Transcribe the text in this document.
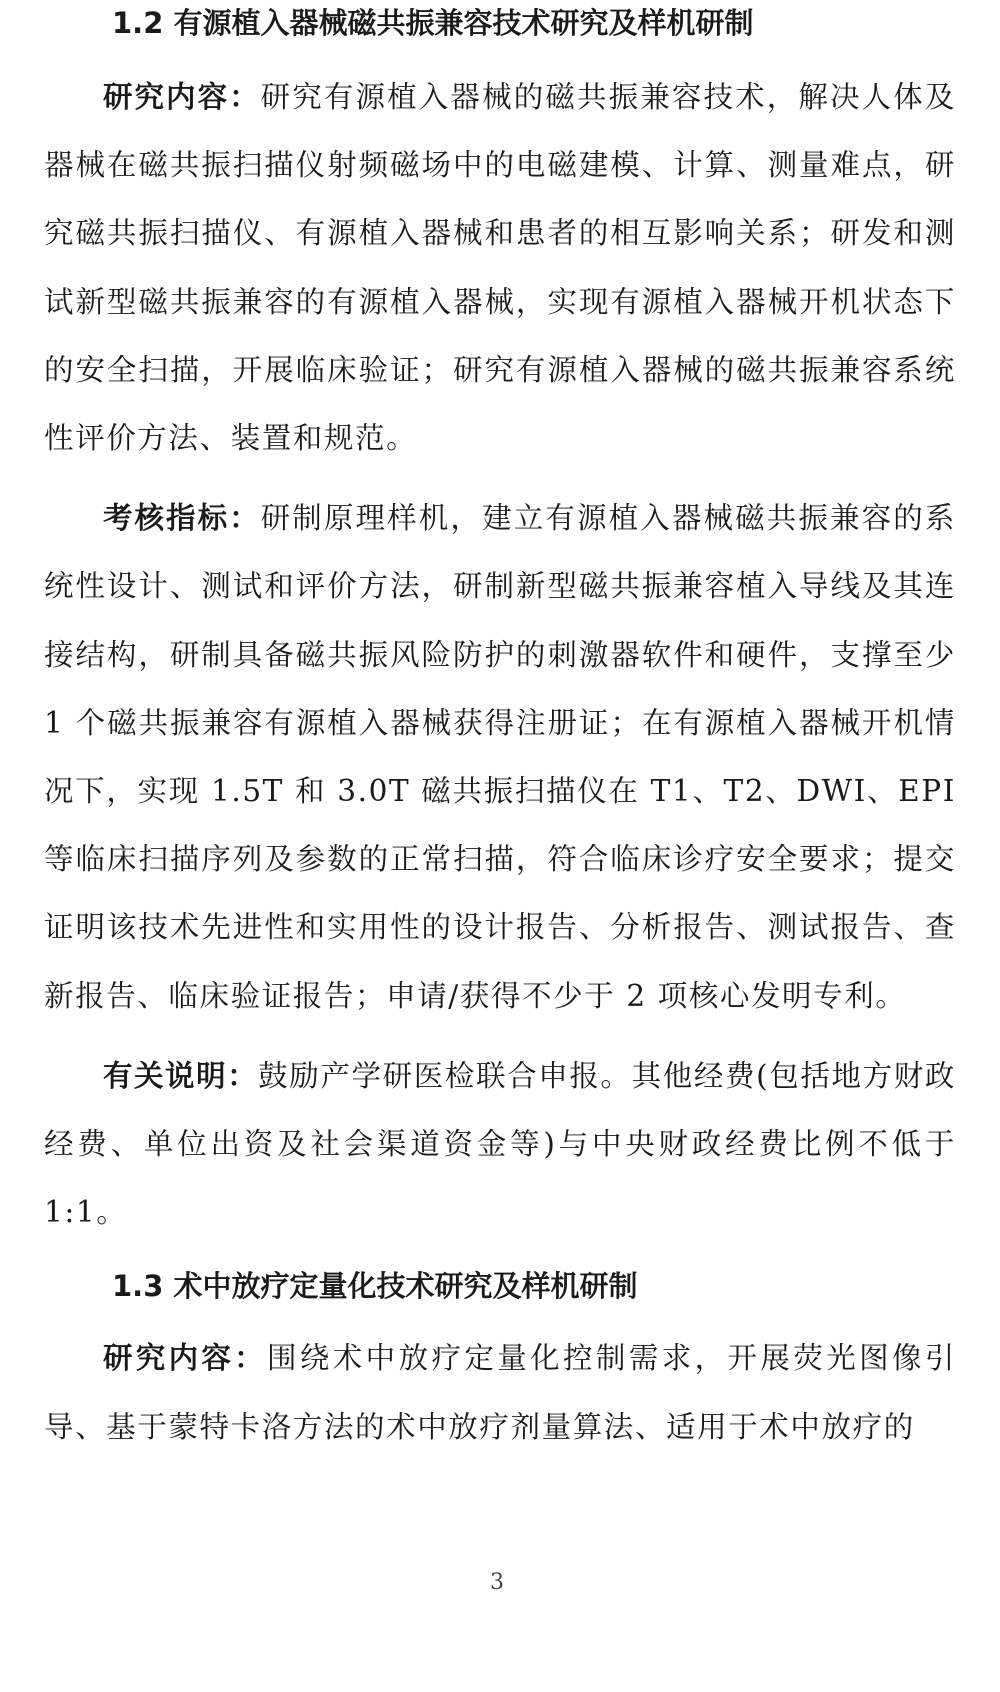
1.2 有源植入器械磁共振兼容技术研究及样机研制

研究内容：研究有源植入器械的磁共振兼容技术，解决人体及器械在磁共振扫描仪射频磁场中的电磁建模、计算、测量难点，研究磁共振扫描仪、有源植入器械和患者的相互影响关系；研发和测试新型磁共振兼容的有源植入器械，实现有源植入器械开机状态下的安全扫描，开展临床验证；研究有源植入器械的磁共振兼容系统性评价方法、装置和规范。

考核指标：研制原理样机，建立有源植入器械磁共振兼容的系统性设计、测试和评价方法，研制新型磁共振兼容植入导线及其连接结构，研制具备磁共振风险防护的刺激器软件和硬件，支撑至少 1 个磁共振兼容有源植入器械获得注册证；在有源植入器械开机情况下，实现 1.5T 和 3.0T 磁共振扫描仪在 T1、T2、DWI、EPI 等临床扫描序列及参数的正常扫描，符合临床诊疗安全要求；提交证明该技术先进性和实用性的设计报告、分析报告、测试报告、查新报告、临床验证报告；申请/获得不少于 2 项核心发明专利。

有关说明：鼓励产学研医检联合申报。其他经费(包括地方财政经费、单位出资及社会渠道资金等)与中央财政经费比例不低于 1:1。

1.3 术中放疗定量化技术研究及样机研制

研究内容：围绕术中放疗定量化控制需求，开展荧光图像引导、基于蒙特卡洛方法的术中放疗剂量算法、适用于术中放疗的

3
